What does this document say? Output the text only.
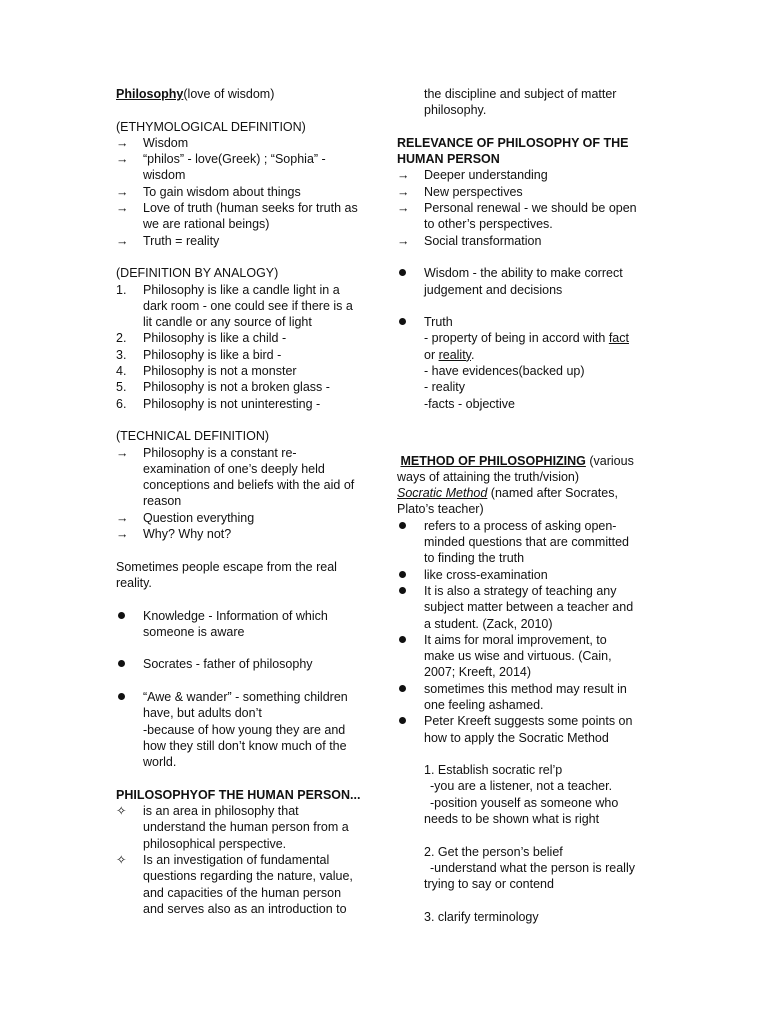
Philosophy(love of wisdom)
(ETHYMOLOGICAL DEFINITION)
→	Wisdom
→	“philos” - love(Greek) ; “Sophia” -
wisdom
→	To gain wisdom about things
→	Love of truth (human seeks for truth as
we are rational beings)
→	Truth = reality
(DEFINITION BY ANALOGY)
1.	Philosophy is like a candle light in a
dark room - one could see if there is a
lit candle or any source of light
2.	Philosophy is like a child -
3.	Philosophy is like a bird -
4.	Philosophy is not a monster
5.	Philosophy is not a broken glass -
6.	Philosophy is not uninteresting -
(TECHNICAL DEFINITION)
→	Philosophy is a constant re-
examination of one’s deeply held
conceptions and beliefs with the aid of
reason
→	Question everything
→	Why? Why not?
Sometimes people escape from the real
reality.
Knowledge - Information of which
someone is aware
Socrates - father of philosophy
“Awe & wander” - something children
have, but adults don’t
-because of how young they are and
how they still don’t know much of the
world.
PHILOSOPHYOF THE HUMAN PERSON...
✧	is an area in philosophy that
understand the human person from a
philosophical perspective.
✧	Is an investigation of fundamental
questions regarding the nature, value,
and capacities of the human person
and serves also as an introduction to
the discipline and subject of matter
philosophy.
RELEVANCE OF PHILOSOPHY OF THE
HUMAN PERSON
→	Deeper understanding
→	New perspectives
→	Personal renewal - we should be open
to other’s perspectives.
→	Social transformation
Wisdom - the ability to make correct
judgement and decisions
Truth
- property of being in accord with fact
or reality.
- have evidences(backed up)
- reality
-facts - objective
METHOD OF PHILOSOPHIZING (various
ways of attaining the truth/vision)
Socratic Method (named after Socrates,
Plato’s teacher)
refers to a process of asking open-
minded questions that are committed
to finding the truth
like cross-examination
It is also a strategy of teaching any
subject matter between a teacher and
a student. (Zack, 2010)
It aims for moral improvement, to
make us wise and virtuous. (Cain,
2007; Kreeft, 2014)
sometimes this method may result in
one feeling ashamed.
Peter Kreeft suggests some points on
how to apply the Socratic Method
1. Establish socratic rel’p
-you are a listener, not a teacher.
-position youself as someone who
needs to be shown what is right
2. Get the person’s belief
-understand what the person is really
trying to say or contend
3. clarify terminology
